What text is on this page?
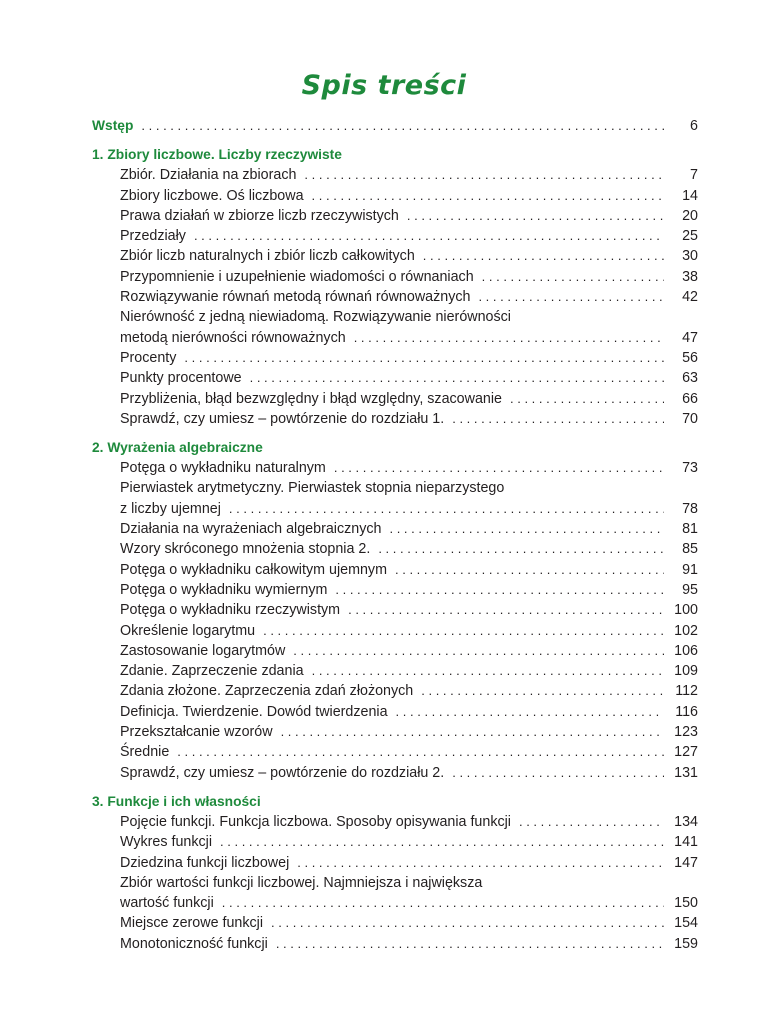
Spis treści
Wstęp . . .	6
1. Zbiory liczbowe. Liczby rzeczywiste
Zbiór. Działania na zbiorach . . .	7
Zbiory liczbowe. Oś liczbowa . . .	14
Prawa działań w zbiorze liczb rzeczywistych . . .	20
Przedziały . . .	25
Zbiór liczb naturalnych i zbiór liczb całkowitych . . .	30
Przypomnienie i uzupełnienie wiadomości o równaniach . . .	38
Rozwiązywanie równań metodą równań równoważnych . . .	42
Nierówność z jedną niewiadomą. Rozwiązywanie nierówności
metodą nierówności równoważnych . . .	47
Procenty . . .	56
Punkty procentowe . . .	63
Przybliżenia, błąd bezwzględny i błąd względny, szacowanie . . .	66
Sprawdź, czy umiesz – powtórzenie do rozdziału 1. . . .	70
2. Wyrażenia algebraiczne
Potęga o wykładniku naturalnym . . .	73
Pierwiastek arytmetyczny. Pierwiastek stopnia nieparzystego
z liczby ujemnej . . .	78
Działania na wyrażeniach algebraicznych . . .	81
Wzory skróconego mnożenia stopnia 2. . . .	85
Potęga o wykładniku całkowitym ujemnym . . .	91
Potęga o wykładniku wymiernym . . .	95
Potęga o wykładniku rzeczywistym . . .	100
Określenie logarytmu . . .	102
Zastosowanie logarytmów . . .	106
Zdanie. Zaprzeczenie zdania . . .	109
Zdania złożone. Zaprzeczenia zdań złożonych . . .	112
Definicja. Twierdzenie. Dowód twierdzenia . . .	116
Przekształcanie wzorów . . .	123
Średnie . . .	127
Sprawdź, czy umiesz – powtórzenie do rozdziału 2. . . .	131
3. Funkcje i ich własności
Pojęcie funkcji. Funkcja liczbowa. Sposoby opisywania funkcji . . .	134
Wykres funkcji . . .	141
Dziedzina funkcji liczbowej . . .	147
Zbiór wartości funkcji liczbowej. Najmniejsza i największa
wartość funkcji . . .	150
Miejsce zerowe funkcji . . .	154
Monotoniczność funkcji . . .	159
